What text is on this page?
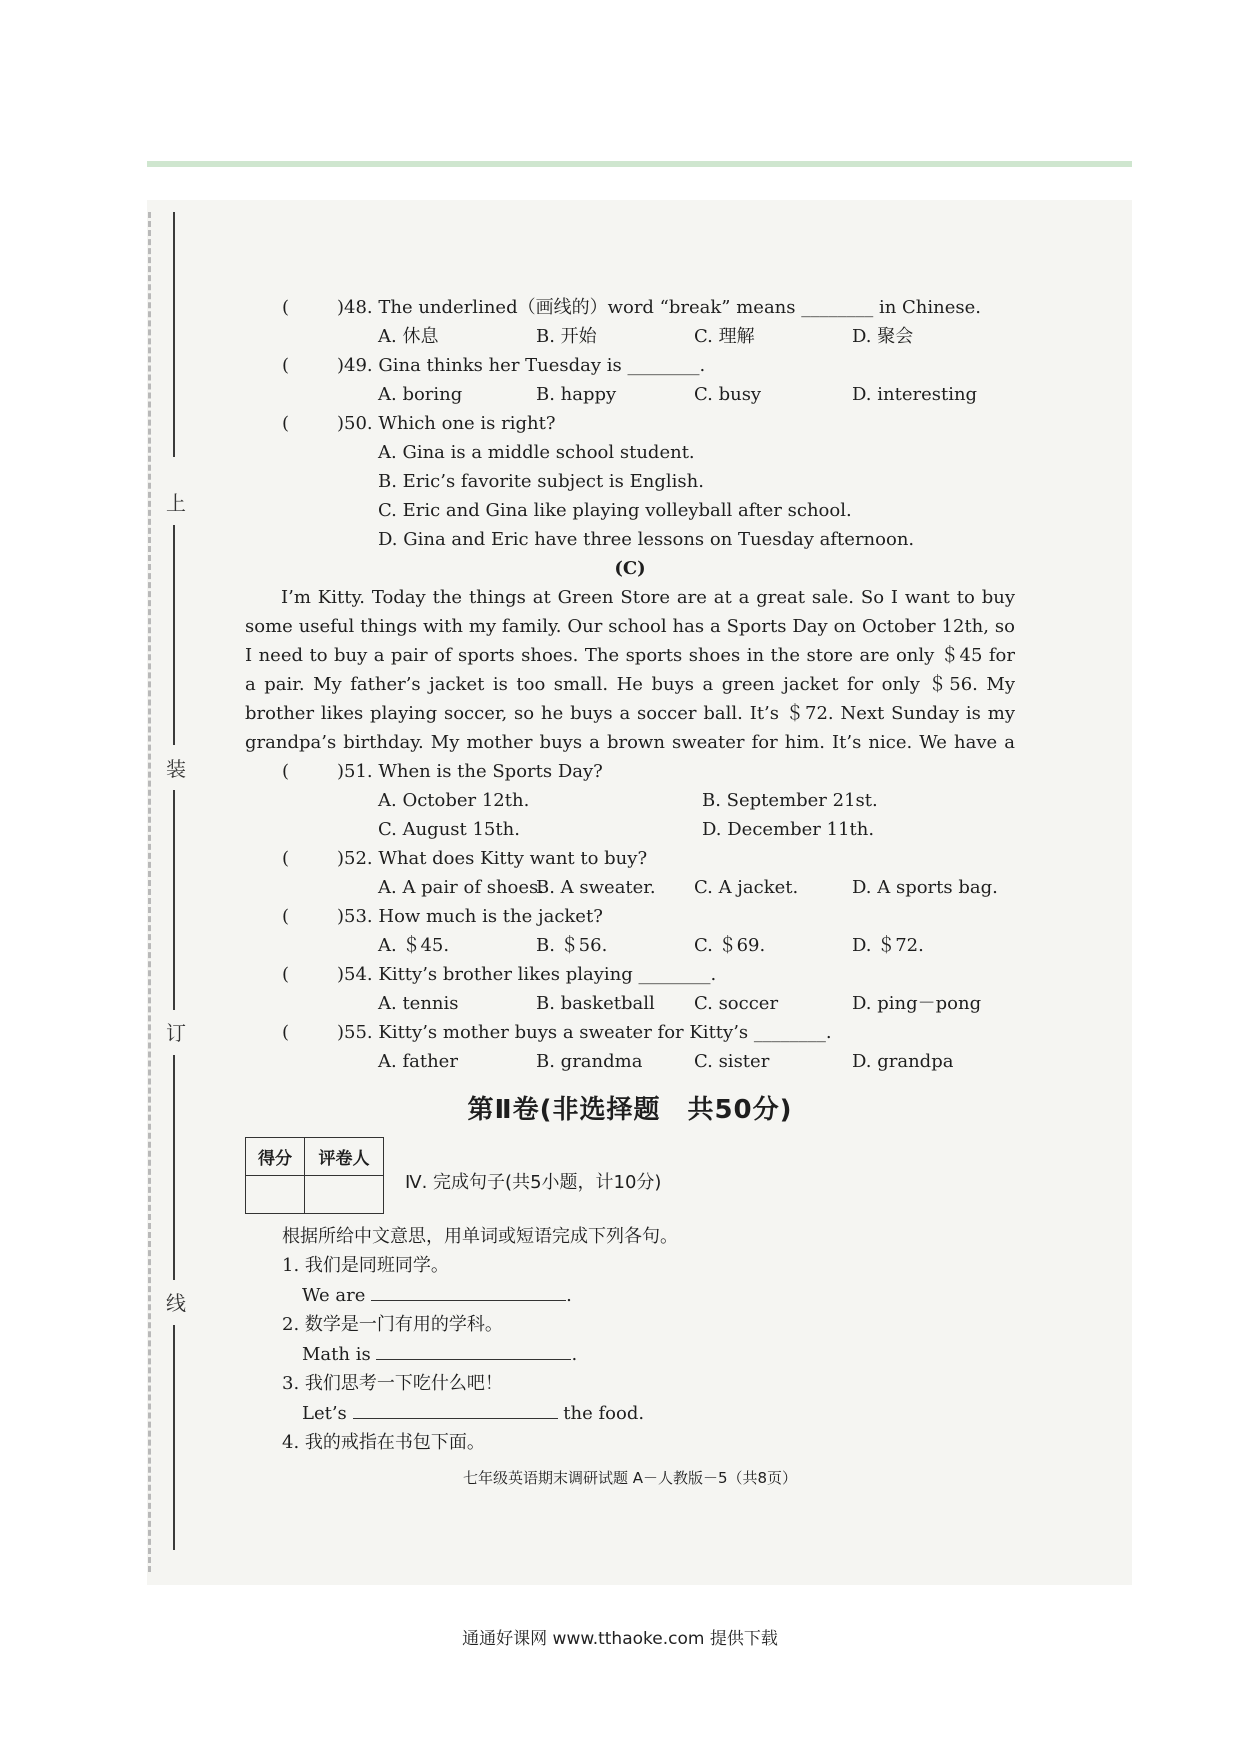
上
装
订
线
(	)48. The underlined（画线的）word “break” means ________ in Chinese.
A. 休息	B. 开始	C. 理解	D. 聚会
(	)49. Gina thinks her Tuesday is ________.
A. boring	B. happy	C. busy	D. interesting
(	)50. Which one is right?
A. Gina is a middle school student.
B. Eric’s favorite subject is English.
C. Eric and Gina like playing volleyball after school.
D. Gina and Eric have three lessons on Tuesday afternoon.
(C)
I’m Kitty. Today the things at Green Store are at a great sale. So I want to buy some useful things with my family. Our school has a Sports Day on October 12th, so I need to buy a pair of sports shoes. The sports shoes in the store are only ＄45 for a pair. My father’s jacket is too small. He buys a green jacket for only ＄56. My brother likes playing soccer, so he buys a soccer ball. It’s ＄72. Next Sunday is my grandpa’s birthday. My mother buys a brown sweater for him. It’s nice. We have a
(	)51. When is the Sports Day?
A. October 12th.	B. September 21st.
C. August 15th.	D. December 11th.
(	)52. What does Kitty want to buy?
A. A pair of shoes.B. A sweater. C. A jacket.	D. A sports bag.
(	)53. How much is the jacket?
A. ＄45.	B. ＄56.	C. ＄69.	D. ＄72.
(	)54. Kitty’s brother likes playing ________.
A. tennis	B. basketball C. soccer	D. ping－pong
(	)55. Kitty’s mother buys a sweater for Kitty’s ________.
A. father	B. grandma	C. sister	D. grandpa
第Ⅱ卷(非选择题　共50分)
得分	评卷人

Ⅳ. 完成句子(共5小题，计10分)
根据所给中文意思，用单词或短语完成下列各句。
1. 我们是同班同学。
We are	.
2. 数学是一门有用的学科。
Math is	.
3. 我们思考一下吃什么吧！
Let’s	the food.
4. 我的戒指在书包下面。
七年级英语期末调研试题 A－人教版－5（共8页）
通通好课网 www.tthaoke.com 提供下载
